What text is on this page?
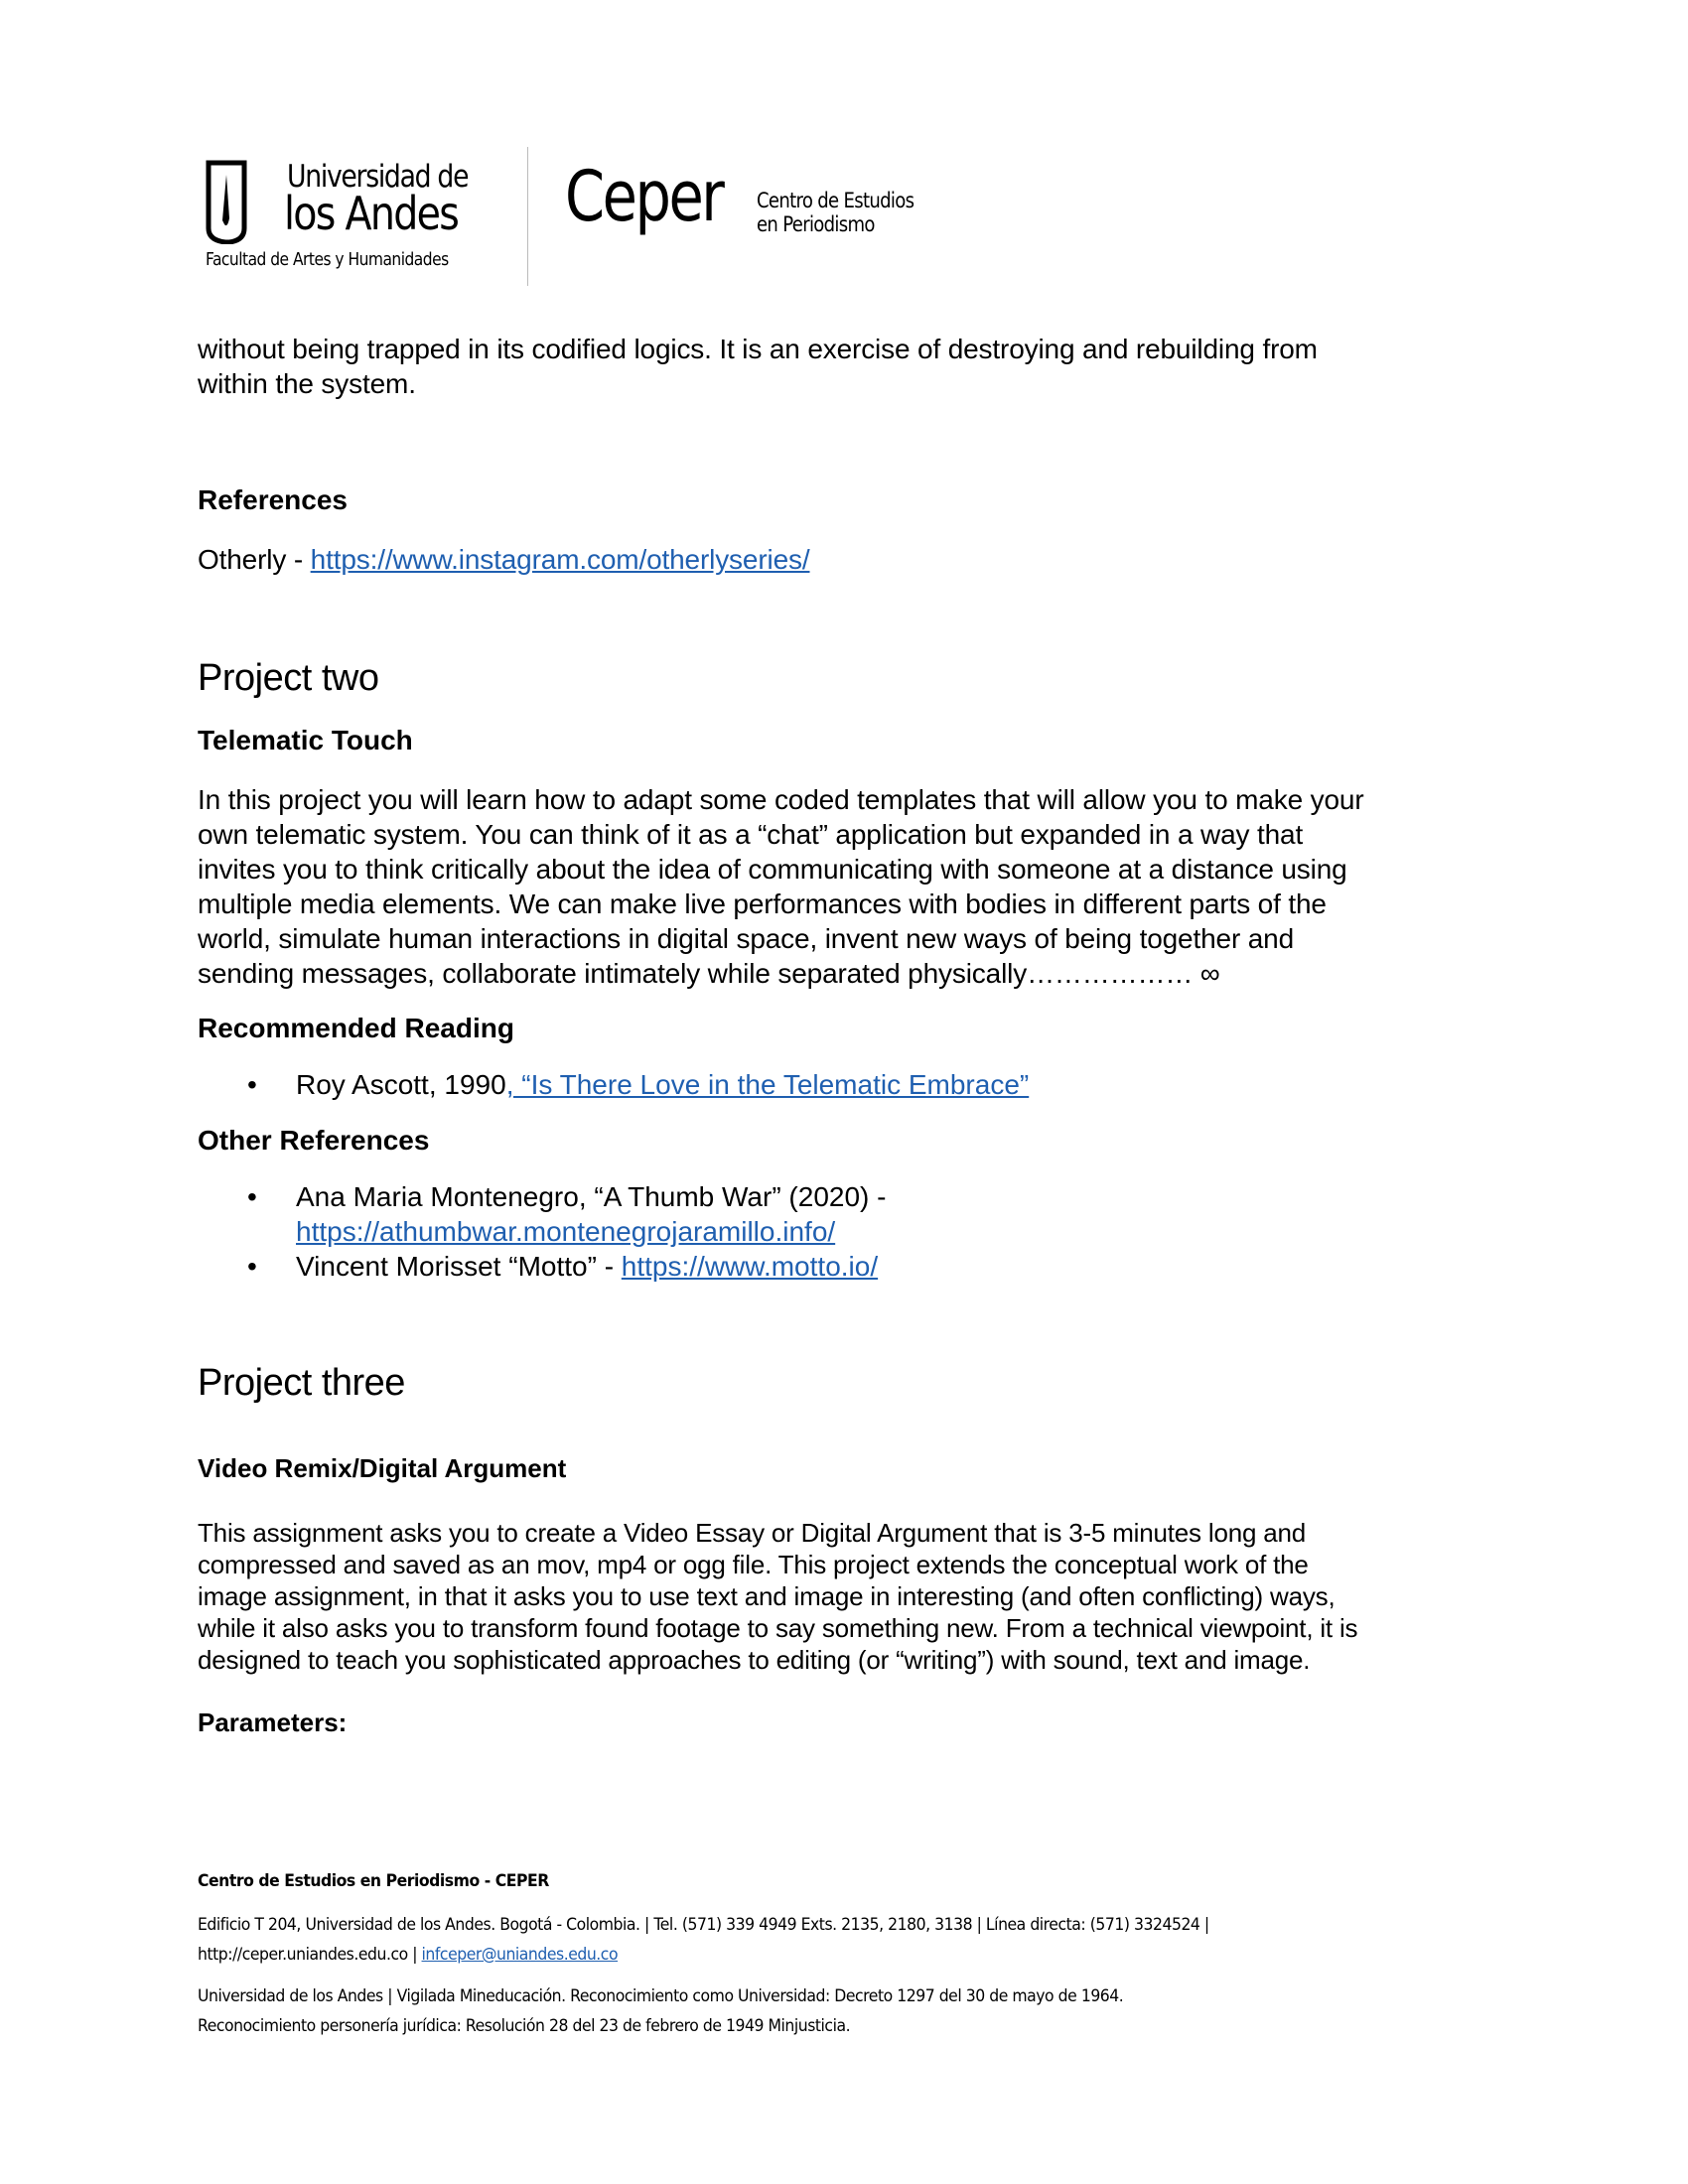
Universidad de
los Andes
Facultad de Artes y Humanidades
Ceper Centro de Estudios
en Periodismo

without being trapped in its codified logics. It is an exercise of destroying and rebuilding from

within the system.

References

Otherly - https://www.instagram.com/otherlyseries/

Project two
Telematic Touch

In this project you will learn how to adapt some coded templates that will allow you to make your

own telematic system. You can think of it as a “chat” application but expanded in a way that

invites you to think critically about the idea of communicating with someone at a distance using

multiple media elements. We can make live performances with bodies in different parts of the

world, simulate human interactions in digital space, invent new ways of being together and

sending messages, collaborate intimately while separated physically……………… ∞

Recommended Reading
• Roy Ascott, 1990, “Is There Love in the Telematic Embrace”
Other References
• Ana Maria Montenegro, “A Thumb War” (2020) -
https://athumbwar.montenegrojaramillo.info/
• Vincent Morisset “Motto” - https://www.motto.io/
Project three
Video Remix/Digital Argument

This assignment asks you to create a Video Essay or Digital Argument that is 3-5 minutes long and

compressed and saved as an mov, mp4 or ogg file. This project extends the conceptual work of the

image assignment, in that it asks you to use text and image in interesting (and often conflicting) ways,

while it also asks you to transform found footage to say something new. From a technical viewpoint, it is

designed to teach you sophisticated approaches to editing (or “writing”) with sound, text and image.

Parameters:
Centro de Estudios en Periodismo - CEPER
Edificio T 204, Universidad de los Andes. Bogotá - Colombia. | Tel. (571) 339 4949 Exts. 2135, 2180, 3138 | Línea directa: (571) 3324524 |
http://ceper.uniandes.edu.co | infceper@uniandes.edu.co
Universidad de los Andes | Vigilada Mineducación. Reconocimiento como Universidad: Decreto 1297 del 30 de mayo de 1964.
Reconocimiento personería jurídica: Resolución 28 del 23 de febrero de 1949 Minjusticia.
